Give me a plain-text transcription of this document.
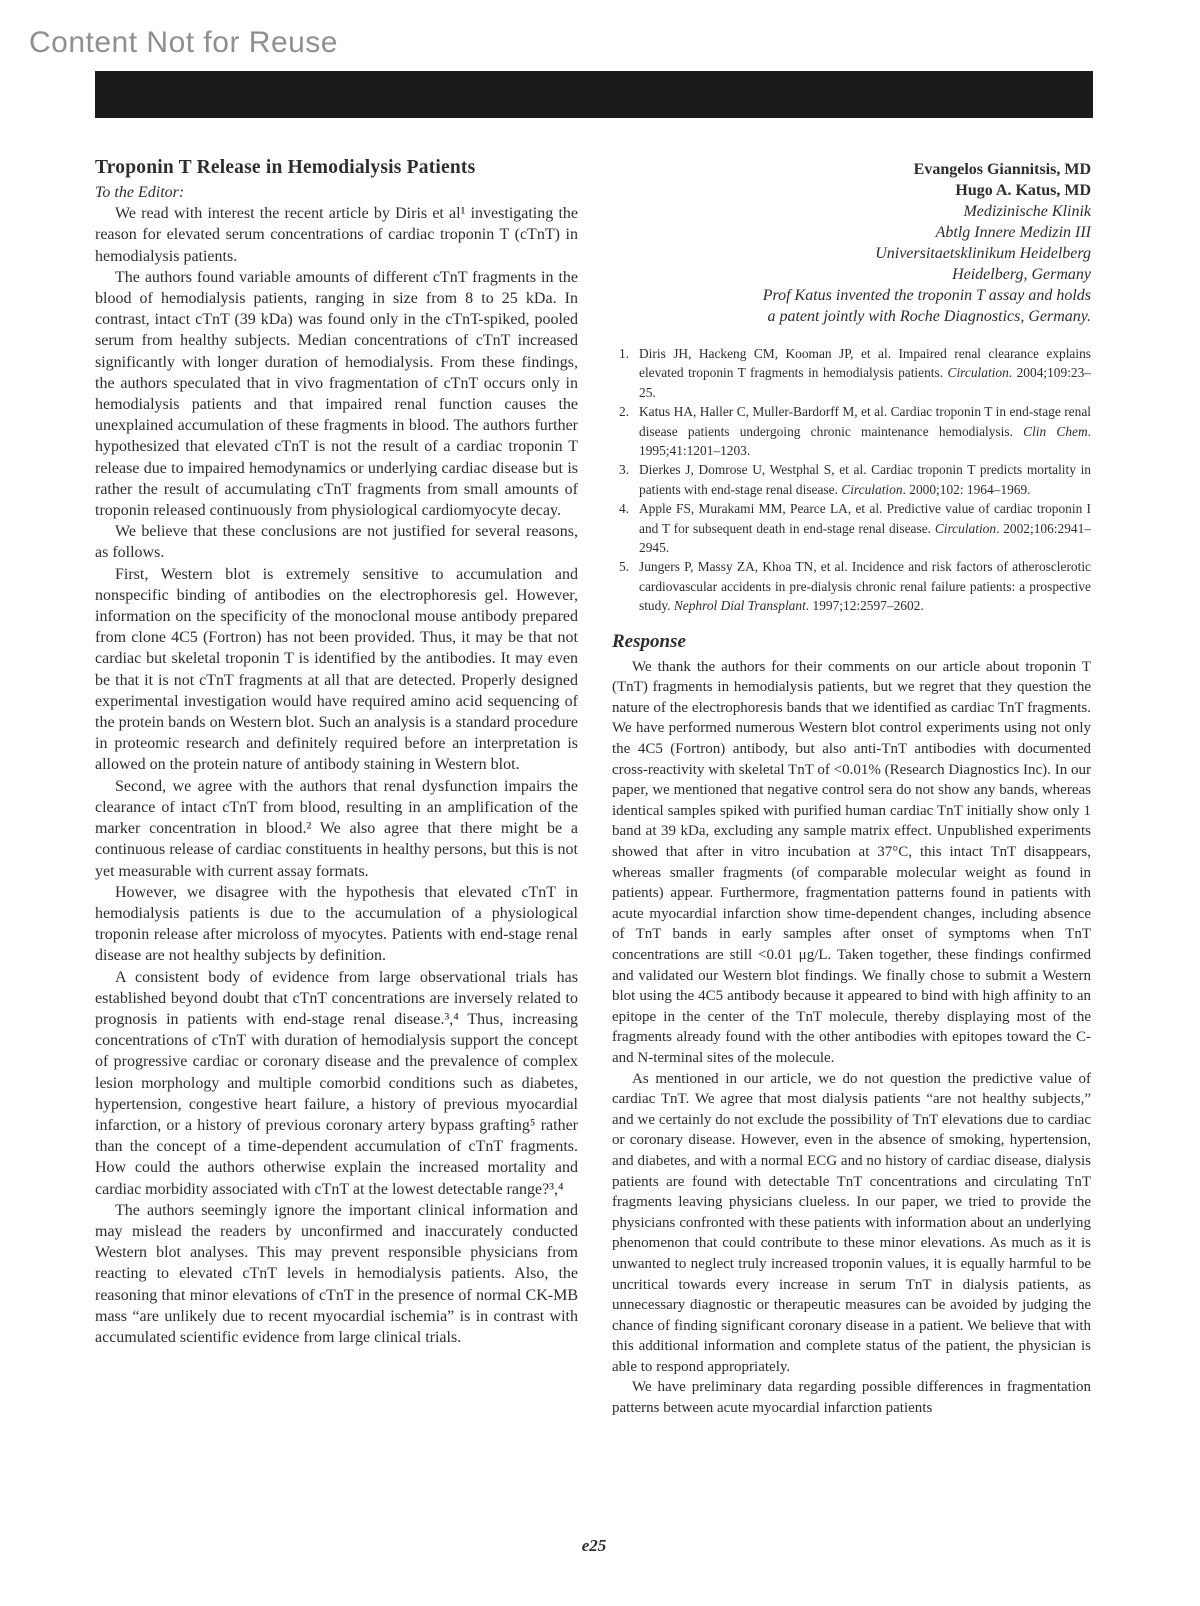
Content Not for Reuse
Troponin T Release in Hemodialysis Patients

To the Editor:

We read with interest the recent article by Diris et al¹ investigating the reason for elevated serum concentrations of cardiac troponin T (cTnT) in hemodialysis patients.

The authors found variable amounts of different cTnT fragments in the blood of hemodialysis patients, ranging in size from 8 to 25 kDa. In contrast, intact cTnT (39 kDa) was found only in the cTnT-spiked, pooled serum from healthy subjects. Median concentrations of cTnT increased significantly with longer duration of hemodialysis. From these findings, the authors speculated that in vivo fragmentation of cTnT occurs only in hemodialysis patients and that impaired renal function causes the unexplained accumulation of these fragments in blood. The authors further hypothesized that elevated cTnT is not the result of a cardiac troponin T release due to impaired hemodynamics or underlying cardiac disease but is rather the result of accumulating cTnT fragments from small amounts of troponin released continuously from physiological cardiomyocyte decay.

We believe that these conclusions are not justified for several reasons, as follows.

First, Western blot is extremely sensitive to accumulation and nonspecific binding of antibodies on the electrophoresis gel. However, information on the specificity of the monoclonal mouse antibody prepared from clone 4C5 (Fortron) has not been provided. Thus, it may be that not cardiac but skeletal troponin T is identified by the antibodies. It may even be that it is not cTnT fragments at all that are detected. Properly designed experimental investigation would have required amino acid sequencing of the protein bands on Western blot. Such an analysis is a standard procedure in proteomic research and definitely required before an interpretation is allowed on the protein nature of antibody staining in Western blot.

Second, we agree with the authors that renal dysfunction impairs the clearance of intact cTnT from blood, resulting in an amplification of the marker concentration in blood.² We also agree that there might be a continuous release of cardiac constituents in healthy persons, but this is not yet measurable with current assay formats.

However, we disagree with the hypothesis that elevated cTnT in hemodialysis patients is due to the accumulation of a physiological troponin release after microloss of myocytes. Patients with end-stage renal disease are not healthy subjects by definition.

A consistent body of evidence from large observational trials has established beyond doubt that cTnT concentrations are inversely related to prognosis in patients with end-stage renal disease.³,⁴ Thus, increasing concentrations of cTnT with duration of hemodialysis support the concept of progressive cardiac or coronary disease and the prevalence of complex lesion morphology and multiple comorbid conditions such as diabetes, hypertension, congestive heart failure, a history of previous myocardial infarction, or a history of previous coronary artery bypass grafting⁵ rather than the concept of a time-dependent accumulation of cTnT fragments. How could the authors otherwise explain the increased mortality and cardiac morbidity associated with cTnT at the lowest detectable range?³,⁴

The authors seemingly ignore the important clinical information and may mislead the readers by unconfirmed and inaccurately conducted Western blot analyses. This may prevent responsible physicians from reacting to elevated cTnT levels in hemodialysis patients. Also, the reasoning that minor elevations of cTnT in the presence of normal CK-MB mass “are unlikely due to recent myocardial ischemia” is in contrast with accumulated scientific evidence from large clinical trials.

Evangelos Giannitsis, MD
Hugo A. Katus, MD
Medizinische Klinik
Abtlg Innere Medizin III
Universitaetsklinikum Heidelberg
Heidelberg, Germany
Prof Katus invented the troponin T assay and holds
a patent jointly with Roche Diagnostics, Germany.
1. Diris JH, Hackeng CM, Kooman JP, et al. Impaired renal clearance explains elevated troponin T fragments in hemodialysis patients. Circulation. 2004;109:23–25.
2. Katus HA, Haller C, Muller-Bardorff M, et al. Cardiac troponin T in end-stage renal disease patients undergoing chronic maintenance hemodialysis. Clin Chem. 1995;41:1201–1203.
3. Dierkes J, Domrose U, Westphal S, et al. Cardiac troponin T predicts mortality in patients with end-stage renal disease. Circulation. 2000;102: 1964–1969.
4. Apple FS, Murakami MM, Pearce LA, et al. Predictive value of cardiac troponin I and T for subsequent death in end-stage renal disease. Circulation. 2002;106:2941–2945.
5. Jungers P, Massy ZA, Khoa TN, et al. Incidence and risk factors of atherosclerotic cardiovascular accidents in pre-dialysis chronic renal failure patients: a prospective study. Nephrol Dial Transplant. 1997;12:2597–2602.
Response

We thank the authors for their comments on our article about troponin T (TnT) fragments in hemodialysis patients, but we regret that they question the nature of the electrophoresis bands that we identified as cardiac TnT fragments. We have performed numerous Western blot control experiments using not only the 4C5 (Fortron) antibody, but also anti-TnT antibodies with documented cross-reactivity with skeletal TnT of <0.01% (Research Diagnostics Inc). In our paper, we mentioned that negative control sera do not show any bands, whereas identical samples spiked with purified human cardiac TnT initially show only 1 band at 39 kDa, excluding any sample matrix effect. Unpublished experiments showed that after in vitro incubation at 37°C, this intact TnT disappears, whereas smaller fragments (of comparable molecular weight as found in patients) appear. Furthermore, fragmentation patterns found in patients with acute myocardial infarction show time-dependent changes, including absence of TnT bands in early samples after onset of symptoms when TnT concentrations are still <0.01 μg/L. Taken together, these findings confirmed and validated our Western blot findings. We finally chose to submit a Western blot using the 4C5 antibody because it appeared to bind with high affinity to an epitope in the center of the TnT molecule, thereby displaying most of the fragments already found with the other antibodies with epitopes toward the C- and N-terminal sites of the molecule.

As mentioned in our article, we do not question the predictive value of cardiac TnT. We agree that most dialysis patients “are not healthy subjects,” and we certainly do not exclude the possibility of TnT elevations due to cardiac or coronary disease. However, even in the absence of smoking, hypertension, and diabetes, and with a normal ECG and no history of cardiac disease, dialysis patients are found with detectable TnT concentrations and circulating TnT fragments leaving physicians clueless. In our paper, we tried to provide the physicians confronted with these patients with information about an underlying phenomenon that could contribute to these minor elevations. As much as it is unwanted to neglect truly increased troponin values, it is equally harmful to be uncritical towards every increase in serum TnT in dialysis patients, as unnecessary diagnostic or therapeutic measures can be avoided by judging the chance of finding significant coronary disease in a patient. We believe that with this additional information and complete status of the patient, the physician is able to respond appropriately.

We have preliminary data regarding possible differences in fragmentation patterns between acute myocardial infarction patients

e25
